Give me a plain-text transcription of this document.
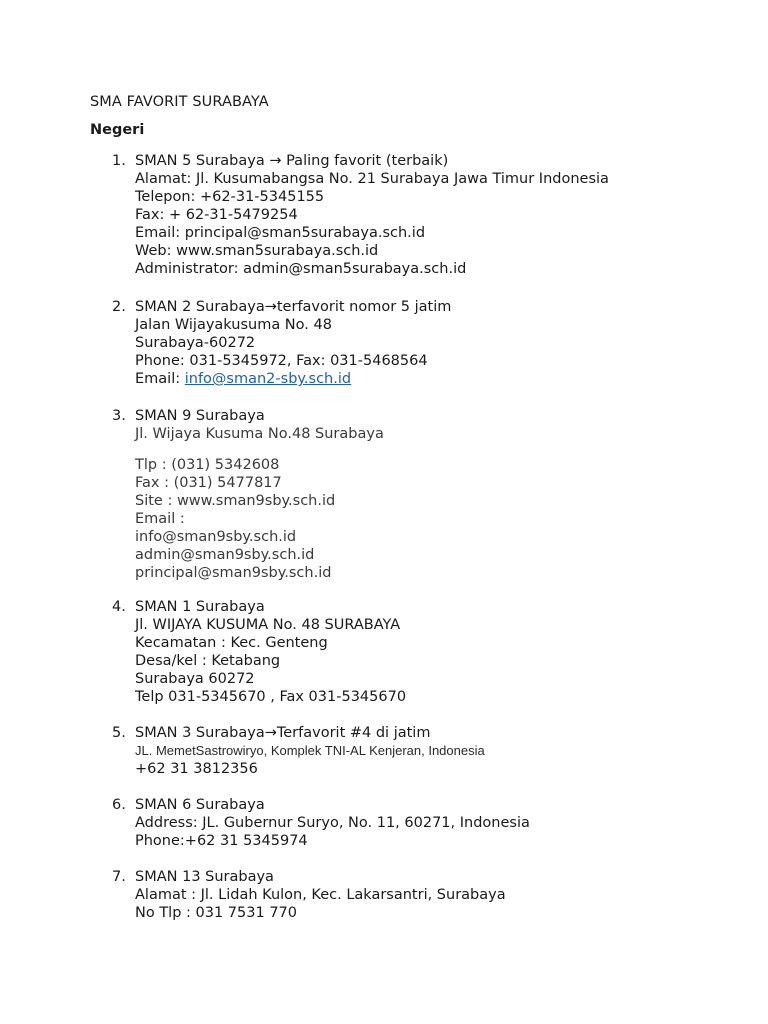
SMA FAVORIT SURABAYA
Negeri
1. SMAN 5 Surabaya → Paling favorit (terbaik)
Alamat: Jl. Kusumabangsa No. 21 Surabaya Jawa Timur Indonesia
Telepon: +62-31-5345155
Fax: + 62-31-5479254
Email: principal@sman5surabaya.sch.id
Web: www.sman5surabaya.sch.id
Administrator: admin@sman5surabaya.sch.id
2. SMAN 2 Surabaya→terfavorit nomor 5 jatim
Jalan Wijayakusuma No. 48
Surabaya-60272
Phone: 031-5345972, Fax: 031-5468564
Email: info@sman2-sby.sch.id
3. SMAN 9 Surabaya
Jl. Wijaya Kusuma No.48 Surabaya
Tlp : (031) 5342608
Fax : (031) 5477817
Site : www.sman9sby.sch.id
Email :
info@sman9sby.sch.id
admin@sman9sby.sch.id
principal@sman9sby.sch.id
4. SMAN 1 Surabaya
Jl. WIJAYA KUSUMA No. 48 SURABAYA
Kecamatan : Kec. Genteng
Desa/kel : Ketabang
Surabaya 60272
Telp 031-5345670 , Fax 031-5345670
5. SMAN 3 Surabaya→Terfavorit #4 di jatim
JL. MemetSastrowiryo, Komplek TNI-AL Kenjeran, Indonesia
+62 31 3812356
6. SMAN 6 Surabaya
Address: JL. Gubernur Suryo, No. 11, 60271, Indonesia
Phone:+62 31 5345974
7. SMAN 13 Surabaya
Alamat : Jl. Lidah Kulon, Kec. Lakarsantri, Surabaya
No Tlp : 031 7531 770
